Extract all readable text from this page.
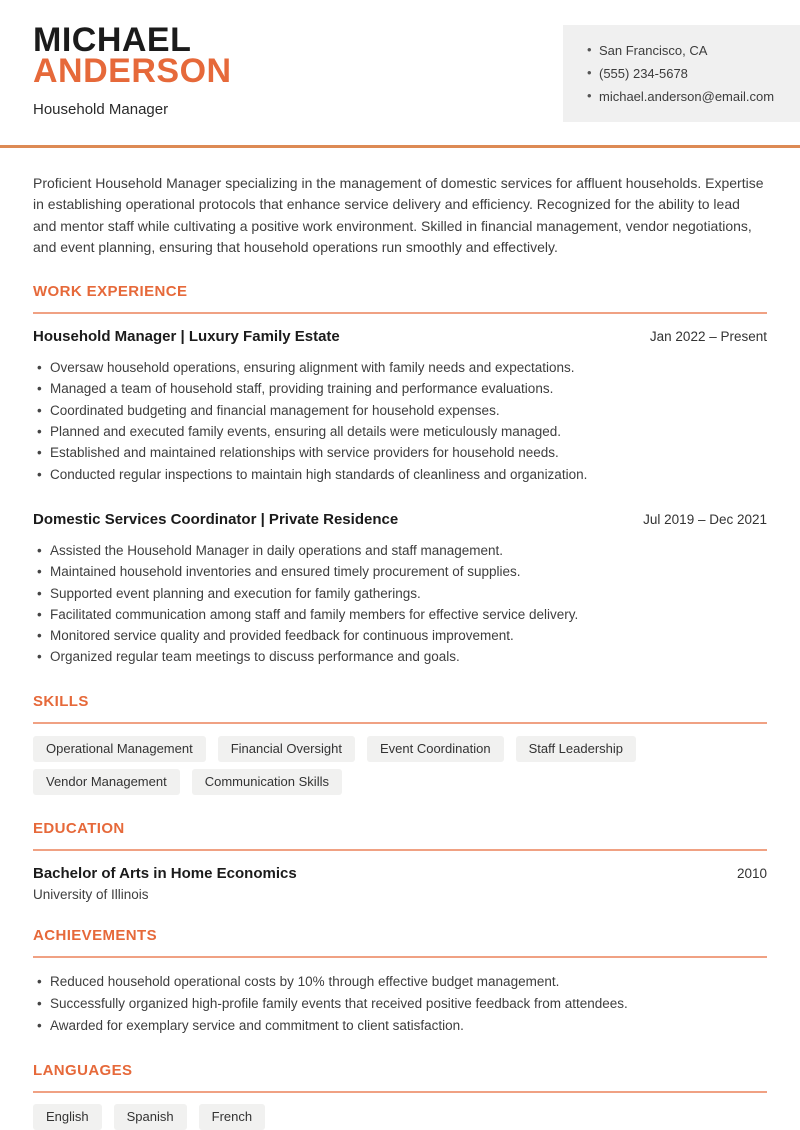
MICHAEL
ANDERSON
Household Manager
• San Francisco, CA
• (555) 234-5678
• michael.anderson@email.com

Proficient Household Manager specializing in the management of domestic services for affluent households. Expertise in establishing operational protocols that enhance service delivery and efficiency. Recognized for the ability to lead and mentor staff while cultivating a positive work environment. Skilled in financial management, vendor negotiations, and event planning, ensuring that household operations run smoothly and effectively.

WORK EXPERIENCE
Household Manager | Luxury Family Estate	Jan 2022 – Present
• Oversaw household operations, ensuring alignment with family needs and expectations.
• Managed a team of household staff, providing training and performance evaluations.
• Coordinated budgeting and financial management for household expenses.
• Planned and executed family events, ensuring all details were meticulously managed.
• Established and maintained relationships with service providers for household needs.
• Conducted regular inspections to maintain high standards of cleanliness and organization.
Domestic Services Coordinator | Private Residence	Jul 2019 – Dec 2021
• Assisted the Household Manager in daily operations and staff management.
• Maintained household inventories and ensured timely procurement of supplies.
• Supported event planning and execution for family gatherings.
• Facilitated communication among staff and family members for effective service delivery.
• Monitored service quality and provided feedback for continuous improvement.
• Organized regular team meetings to discuss performance and goals.
SKILLS
Operational Management	Financial Oversight	Event Coordination	Staff Leadership
Vendor Management	Communication Skills
EDUCATION
Bachelor of Arts in Home Economics	2010
University of Illinois
ACHIEVEMENTS
• Reduced household operational costs by 10% through effective budget management.
• Successfully organized high-profile family events that received positive feedback from attendees.
• Awarded for exemplary service and commitment to client satisfaction.
LANGUAGES
English	Spanish	French
